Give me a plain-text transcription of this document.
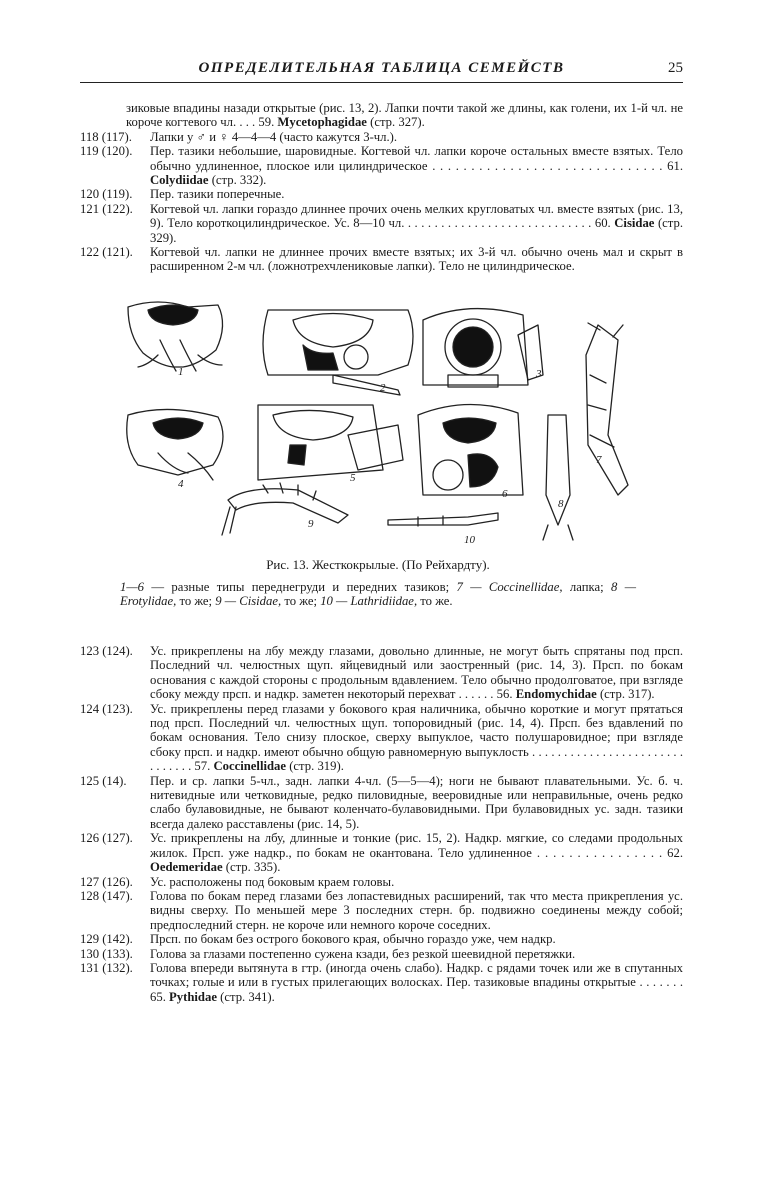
ОПРЕДЕЛИТЕЛЬНАЯ ТАБЛИЦА СЕМЕЙСТВ	25

зиковые впадины назади открытые (рис. 13, 2). Лапки почти такой же длины, как голени, их 1-й чл. не короче когтевого чл. . . . 59. Mycetophagidae (стр. 327).

118 (117). Лапки у ♂ и ♀ 4—4—4 (часто кажутся 3-чл.).

119 (120). Пер. тазики небольшие, шаровидные. Когтевой чл. лапки короче остальных вместе взятых. Тело обычно удлиненное, плоское или цилиндрическое . . . . . . . . . . . . . . . . . . . . . . . . . . . . . . 61. Colydiidae (стр. 332).

120 (119). Пер. тазики поперечные.

121 (122). Когтевой чл. лапки гораздо длиннее прочих очень мелких кругловатых чл. вместе взятых (рис. 13, 9). Тело короткоцилиндрическое. Ус. 8—10 чл. . . . . . . . . . . . . . . . . . . . . . . . . . . . . 60. Cisidae (стр. 329).

122 (121). Когтевой чл. лапки не длиннее прочих вместе взятых; их 3-й чл. обычно очень мал и скрыт в расширенном 2-м чл. (ложнотрехчлениковые лапки). Тело не цилиндрическое.

1
2
3
4	5
6
7
8
9
10
Рис. 13. Жесткокрылые. (По Рейхардту).
1—6 — разные типы переднегруди и передних тазиков; 7 — Coccinellidae, лапка; 8 — Erotylidae, то же; 9 — Cisidae, то же; 10 — Lathridiidae, то же.

123 (124). Ус. прикреплены на лбу между глазами, довольно длинные, не могут быть спрятаны под прсп. Последний чл. челюстных щуп. яйцевидный или заостренный (рис. 14, 3). Прсп. по бокам основания с каждой стороны с продольным вдавлением. Тело обычно продолговатое, при взгляде сбоку между прсп. и надкр. заметен некоторый перехват . . . . . . 56. Endomychidae (стр. 317).

124 (123). Ус. прикреплены перед глазами у бокового края наличника, обычно короткие и могут прятаться под прсп. Последний чл. челюстных щуп. топоровидный (рис. 14, 4). Прсп. без вдавлений по бокам основания. Тело снизу плоское, сверху выпуклое, часто полушаровидное; при взгляде сбоку прсп. и надкр. имеют обычно общую равномерную выпуклость . . . . . . . . . . . . . . . . . . . . . . . . . . . . . . . 57. Coccinellidae (стр. 319).

125 (14). Пер. и ср. лапки 5-чл., задн. лапки 4-чл. (5—5—4); ноги не бывают плавательными. Ус. б. ч. нитевидные или четковидные, редко пиловидные, веерoвидные или неправильные, очень редко слабо булавовидные, не бывают коленчато-булавовидными. При булавовидных ус. задн. тазики всегда далеко расставлены (рис. 14, 5).

126 (127). Ус. прикреплены на лбу, длинные и тонкие (рис. 15, 2). Надкр. мягкие, со следами продольных жилок. Прсп. уже надкр., по бокам не окантована. Тело удлиненное . . . . . . . . . . . . . . . . 62. Oedemeridae (стр. 335).

127 (126). Ус. расположены под боковым краем головы.

128 (147). Голова по бокам перед глазами без лопастевидных расширений, так что места прикрепления ус. видны сверху. По меньшей мере 3 последних стерн. бр. подвижно соединены между собой; предпоследний стерн. не короче или немного короче соседних.

129 (142). Прсп. по бокам без острого бокового края, обычно гораздо уже, чем надкр.

130 (133). Голова за глазами постепенно сужена кзади, без резкой шеевидной перетяжки.

131 (132). Голова впереди вытянута в гтр. (иногда очень слабо). Надкр. с рядами точек или же в спутанных точках; голые и или в густых прилегающих волосках. Пер. тазиковые впадины открытые . . . . . . . 65. Pythidae (стр. 341).
